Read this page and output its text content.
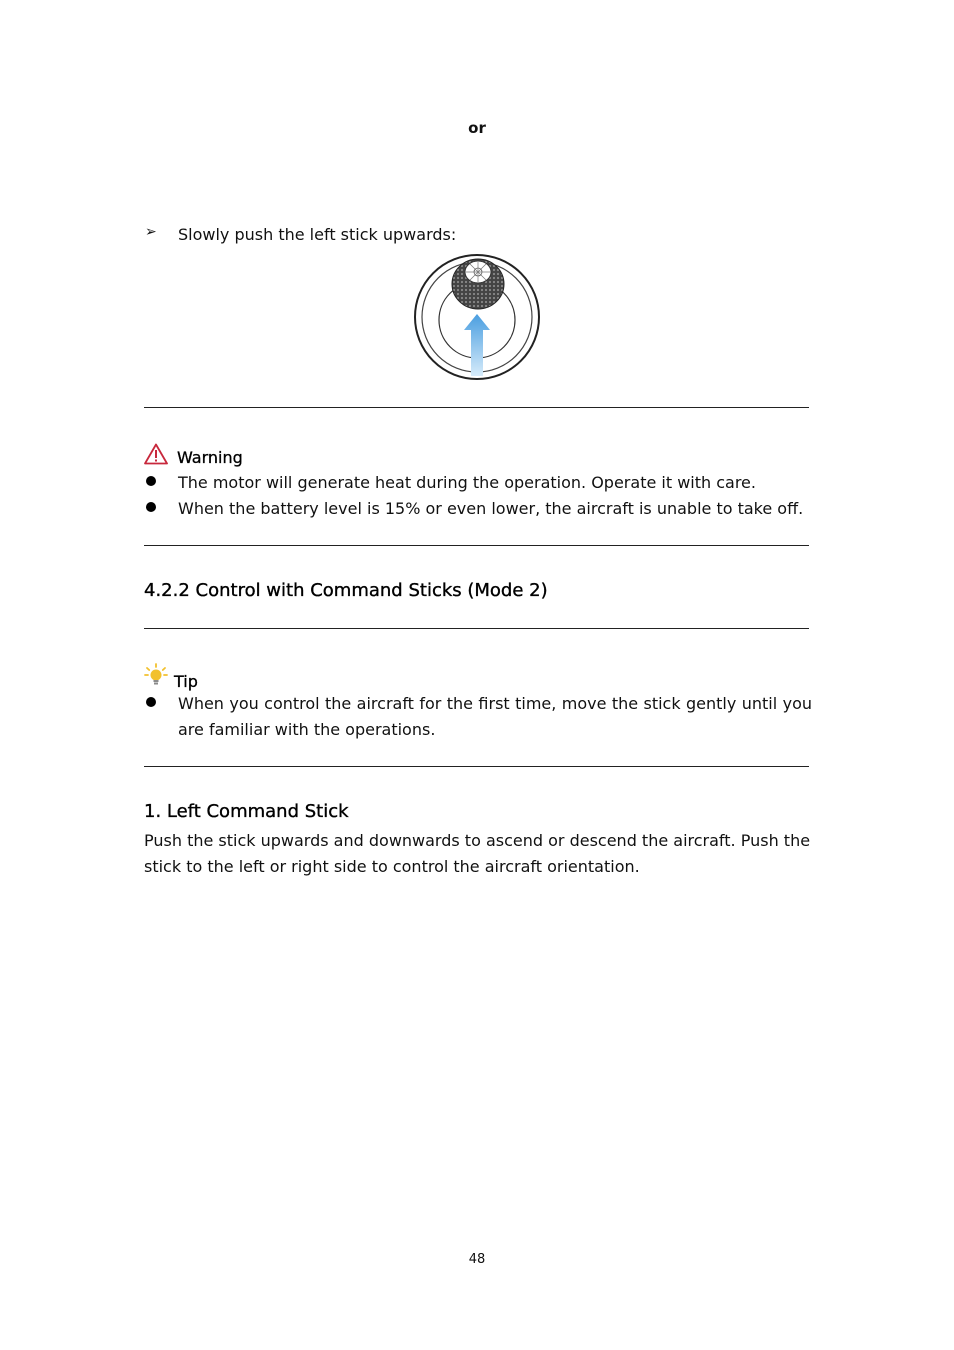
or
➢ Slowly push the left stick upwards:
Warning
The motor will generate heat during the operation. Operate it with care.
When the battery level is 15% or even lower, the aircraft is unable to take off.
4.2.2 Control with Command Sticks (Mode 2)
Tip
When you control the aircraft for the first time, move the stick gently until you are familiar with the operations.
1. Left Command Stick
Push the stick upwards and downwards to ascend or descend the aircraft. Push the stick to the left or right side to control the aircraft orientation.
48
